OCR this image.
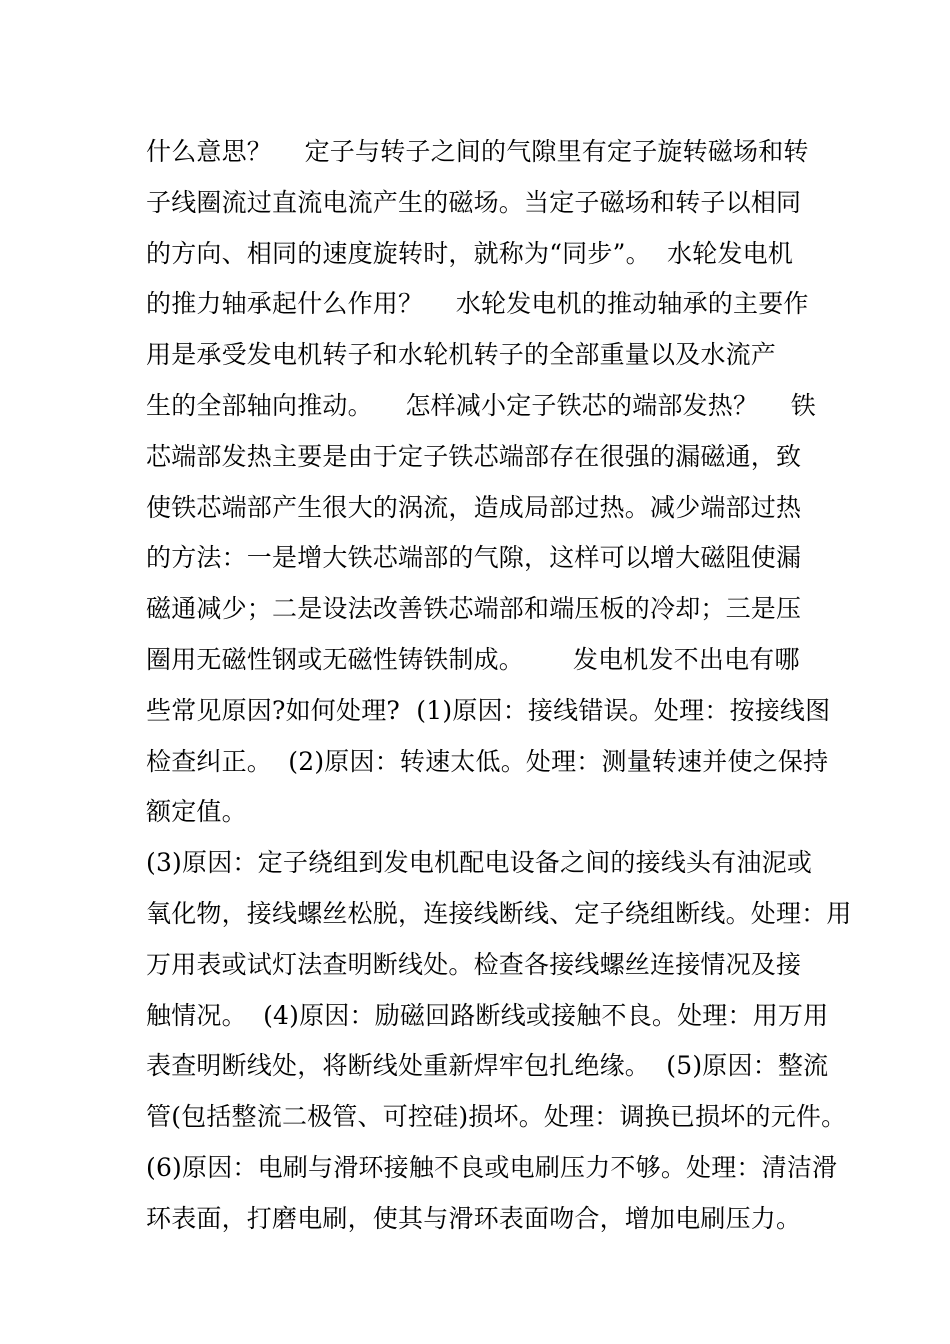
什么意思？    定子与转子之间的气隙里有定子旋转磁场和转
子线圈流过直流电流产生的磁场。当定子磁场和转子以相同
的方向、相同的速度旋转时，就称为“同步”。  水轮发电机
的推力轴承起什么作用？    水轮发电机的推动轴承的主要作
用是承受发电机转子和水轮机转子的全部重量以及水流产
生的全部轴向推动。    怎样减小定子铁芯的端部发热？    铁
芯端部发热主要是由于定子铁芯端部存在很强的漏磁通，致
使铁芯端部产生很大的涡流，造成局部过热。减少端部过热
的方法：一是增大铁芯端部的气隙，这样可以增大磁阻使漏
磁通减少；二是设法改善铁芯端部和端压板的冷却；三是压
圈用无磁性钢或无磁性铸铁制成。      发电机发不出电有哪
些常见原因?如何处理?  (1)原因：接线错误。处理：按接线图
检查纠正。  (2)原因：转速太低。处理：测量转速并使之保持
额定值。
(3)原因：定子绕组到发电机配电设备之间的接线头有油泥或
氧化物，接线螺丝松脱，连接线断线、定子绕组断线。处理：用
万用表或试灯法查明断线处。检查各接线螺丝连接情况及接
触情况。  (4)原因：励磁回路断线或接触不良。处理：用万用
表查明断线处，将断线处重新焊牢包扎绝缘。  (5)原因：整流
管(包括整流二极管、可控硅)损坏。处理：调换已损坏的元件。
(6)原因：电刷与滑环接触不良或电刷压力不够。处理：清洁滑
环表面，打磨电刷，使其与滑环表面吻合，增加电刷压力。
